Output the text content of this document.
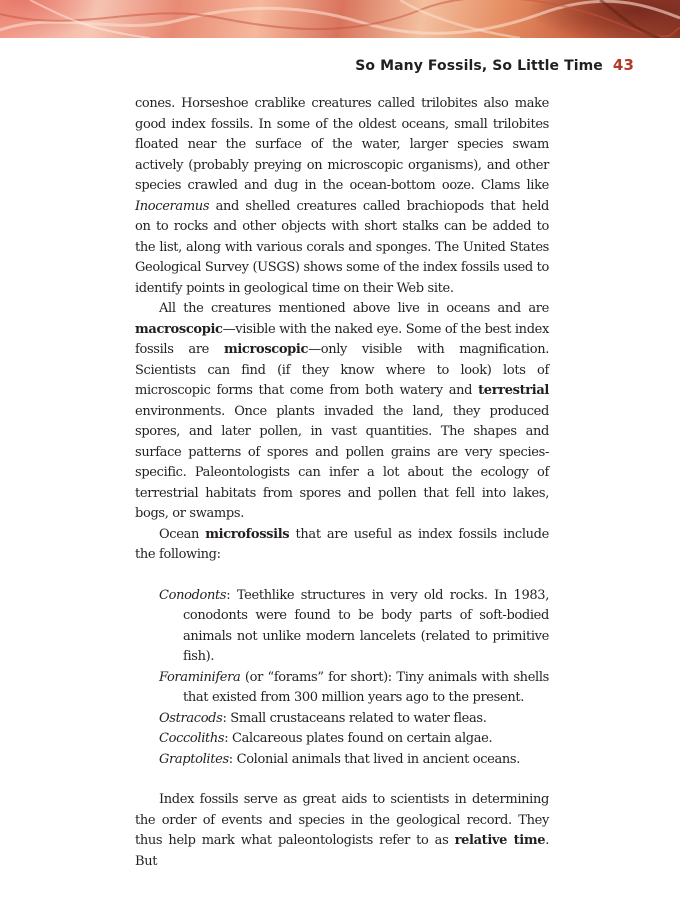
So Many Fossils, So Little Time 43

cones. Horseshoe crablike creatures called trilobites also make good index fossils. In some of the oldest oceans, small trilobites floated near the surface of the water, larger species swam actively (probably preying on microscopic organisms), and other species crawled and dug in the ocean-bottom ooze. Clams like Inoceramus and shelled creatures called brachiopods that held on to rocks and other objects with short stalks can be added to the list, along with various corals and sponges. The United States Geological Survey (USGS) shows some of the index fossils used to identify points in geological time on their Web site.

All the creatures mentioned above live in oceans and are macroscopic—visible with the naked eye. Some of the best index fossils are microscopic—only visible with magnification. Scientists can find (if they know where to look) lots of microscopic forms that come from both watery and terrestrial environments. Once plants invaded the land, they produced spores, and later pollen, in vast quantities. The shapes and surface patterns of spores and pollen grains are very species-specific. Paleontologists can infer a lot about the ecology of terrestrial habitats from spores and pollen that fell into lakes, bogs, or swamps.

Ocean microfossils that are useful as index fossils include the following:

Conodonts: Teethlike structures in very old rocks. In 1983, conodonts were found to be body parts of soft-bodied animals not unlike modern lancelets (related to primitive fish).

Foraminifera (or “forams” for short): Tiny animals with shells that existed from 300 million years ago to the present.

Ostracods: Small crustaceans related to water fleas.

Coccoliths: Calcareous plates found on certain algae.

Graptolites: Colonial animals that lived in ancient oceans.

Index fossils serve as great aids to scientists in determining the order of events and species in the geological record. They thus help mark what paleontologists refer to as relative time. But
